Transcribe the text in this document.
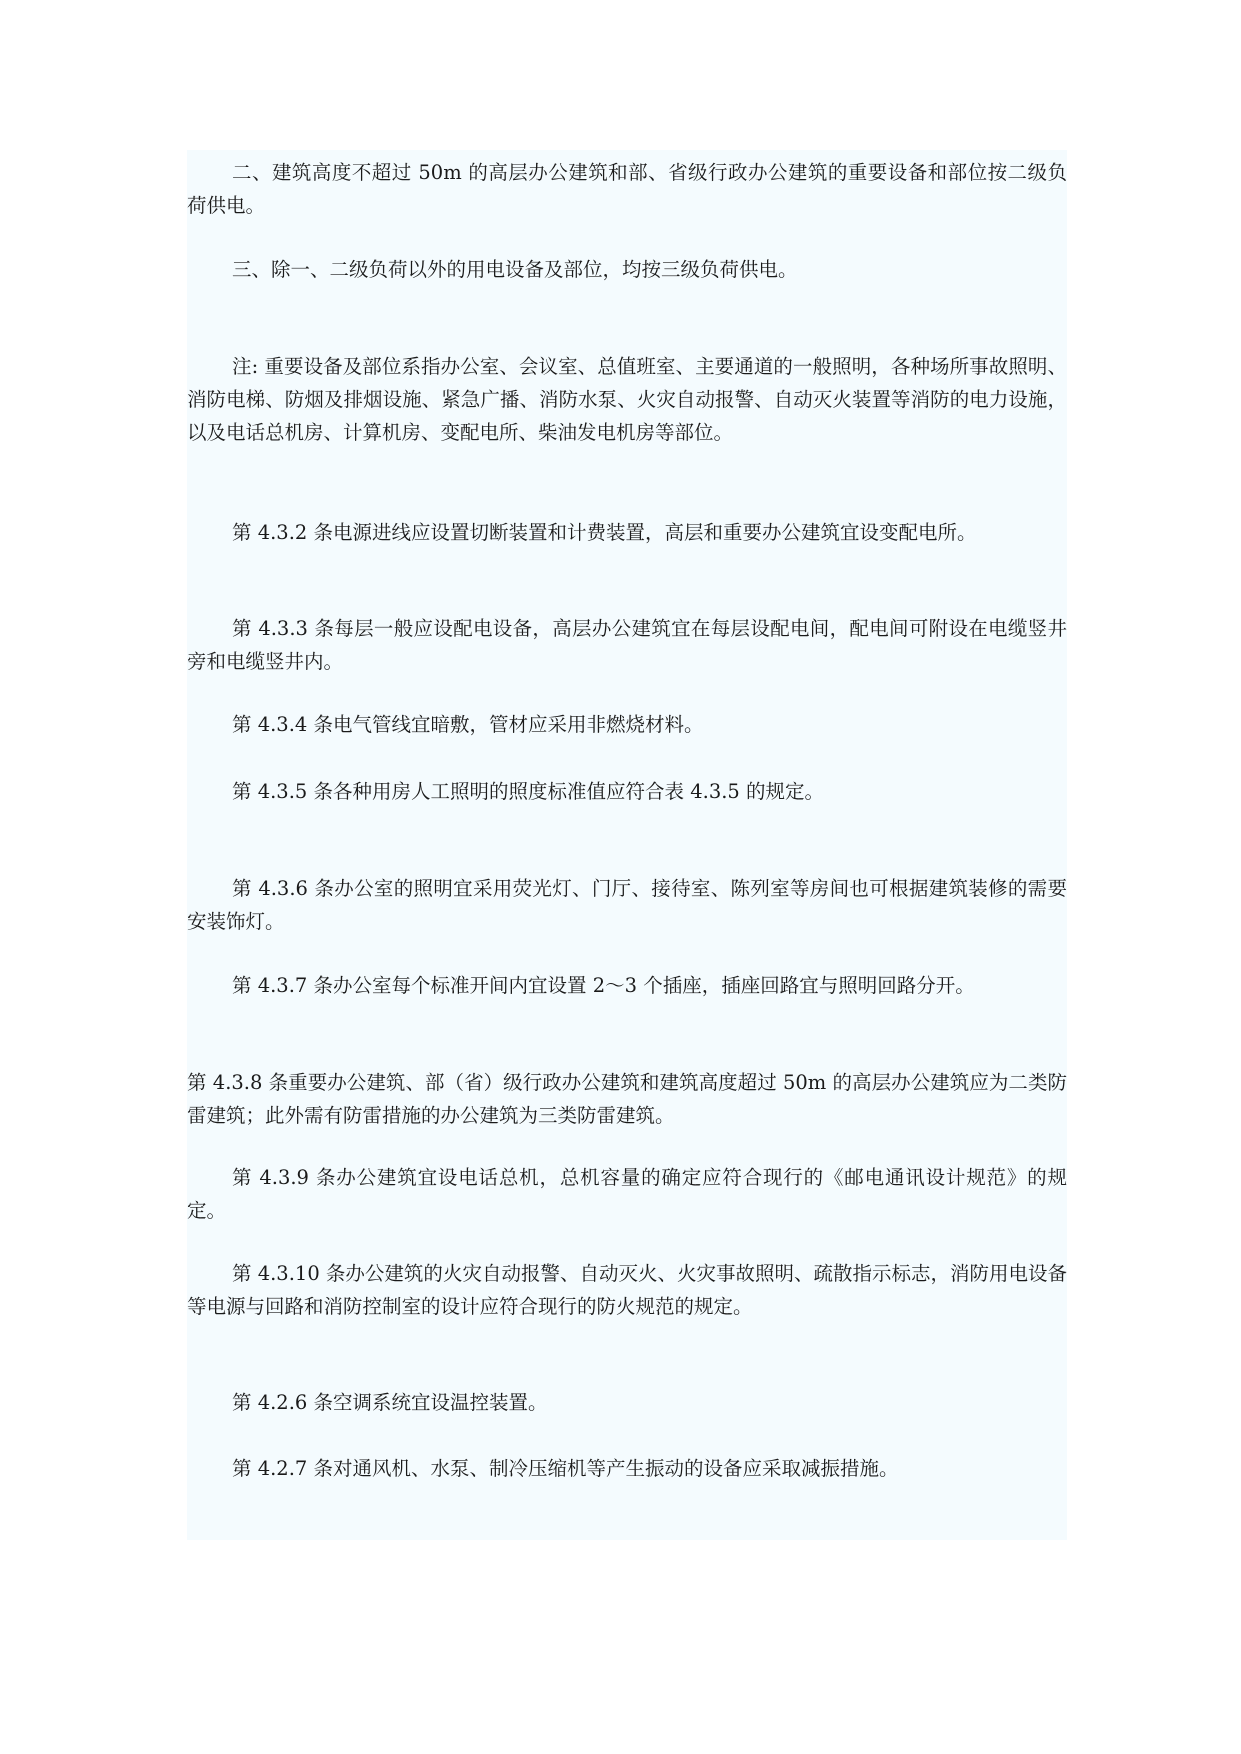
二、建筑高度不超过 50m 的高层办公建筑和部、省级行政办公建筑的重要设备和部位按二级负荷供电。

三、除一、二级负荷以外的用电设备及部位，均按三级负荷供电。

注: 重要设备及部位系指办公室、会议室、总值班室、主要通道的一般照明，各种场所事故照明、消防电梯、防烟及排烟设施、紧急广播、消防水泵、火灾自动报警、自动灭火装置等消防的电力设施，以及电话总机房、计算机房、变配电所、柴油发电机房等部位。

第 4.3.2 条电源进线应设置切断装置和计费装置，高层和重要办公建筑宜设变配电所。

第 4.3.3 条每层一般应设配电设备，高层办公建筑宜在每层设配电间，配电间可附设在电缆竖井旁和电缆竖井内。

第 4.3.4 条电气管线宜暗敷，管材应采用非燃烧材料。

第 4.3.5 条各种用房人工照明的照度标准值应符合表 4.3.5 的规定。

第 4.3.6 条办公室的照明宜采用荧光灯、门厅、接待室、陈列室等房间也可根据建筑装修的需要安装饰灯。

第 4.3.7 条办公室每个标准开间内宜设置 2～3 个插座，插座回路宜与照明回路分开。

第 4.3.8 条重要办公建筑、部（省）级行政办公建筑和建筑高度超过 50m 的高层办公建筑应为二类防雷建筑；此外需有防雷措施的办公建筑为三类防雷建筑。

第 4.3.9 条办公建筑宜设电话总机，总机容量的确定应符合现行的《邮电通讯设计规范》的规定。

第 4.3.10 条办公建筑的火灾自动报警、自动灭火、火灾事故照明、疏散指示标志，消防用电设备等电源与回路和消防控制室的设计应符合现行的防火规范的规定。

第 4.2.6 条空调系统宜设温控装置。

第 4.2.7 条对通风机、水泵、制冷压缩机等产生振动的设备应采取减振措施。
